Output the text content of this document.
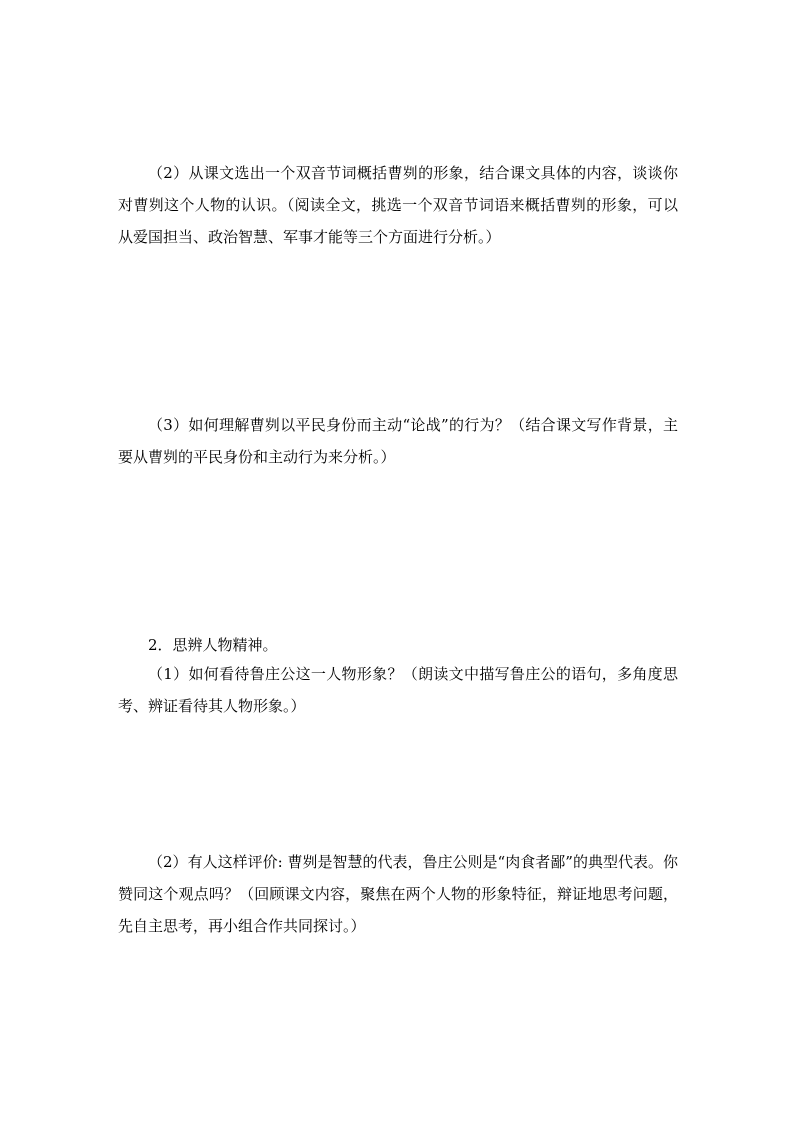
（2）从课文选出一个双音节词概括曹刿的形象，结合课文具体的内容，谈谈你对曹刿这个人物的认识。（阅读全文，挑选一个双音节词语来概括曹刿的形象，可以从爱国担当、政治智慧、军事才能等三个方面进行分析。）

（3）如何理解曹刿以平民身份而主动“论战”的行为？（结合课文写作背景，主要从曹刿的平民身份和主动行为来分析。）

2．思辨人物精神。

（1）如何看待鲁庄公这一人物形象？（朗读文中描写鲁庄公的语句，多角度思考、辨证看待其人物形象。）

（2）有人这样评价: 曹刿是智慧的代表，鲁庄公则是“肉食者鄙”的典型代表。你赞同这个观点吗？（回顾课文内容，聚焦在两个人物的形象特征，辩证地思考问题，先自主思考，再小组合作共同探讨。）
